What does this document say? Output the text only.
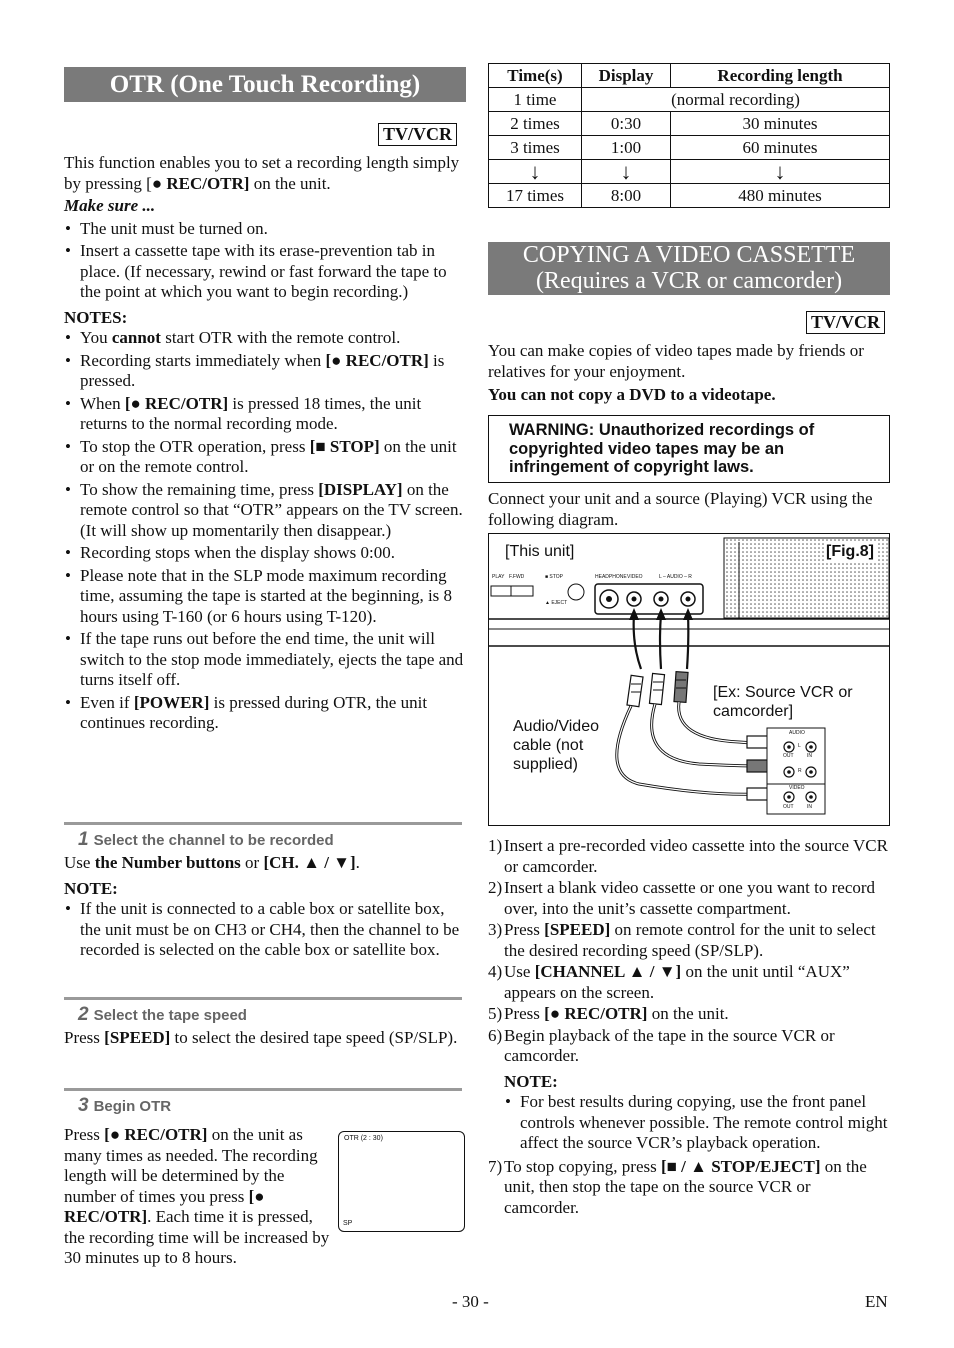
OTR (One Touch Recording)
TV/VCR

This function enables you to set a recording length simply by pressing [● REC/OTR] on the unit.

Make sure ...

• The unit must be turned on.
• Insert a cassette tape with its erase-prevention tab in place. (If necessary, rewind or fast forward the tape to the point at which you want to begin recording.)

NOTES:

• You cannot start OTR with the remote control.
• Recording starts immediately when [● REC/OTR] is pressed.
• When [● REC/OTR] is pressed 18 times, the unit returns to the normal recording mode.
• To stop the OTR operation, press [■ STOP] on the unit or on the remote control.
• To show the remaining time, press [DISPLAY] on the remote control so that “OTR” appears on the TV screen. (It will show up momentarily then disappear.)
• Recording stops when the display shows 0:00.
• Please note that in the SLP mode maximum recording time, assuming the tape is started at the beginning, is 8 hours using T-160 (or 6 hours using T-120).
• If the tape runs out before the end time, the unit will switch to the stop mode immediately, ejects the tape and turns itself off.
• Even if [POWER] is pressed during OTR, the unit continues recording.
1 Select the channel to be recorded

Use the Number buttons or [CH. ▲ / ▼].

NOTE:

• If the unit is connected to a cable box or satellite box, the unit must be on CH3 or CH4, then the channel to be recorded is selected on the cable box or satellite box.
2 Select the tape speed

Press [SPEED] to select the desired tape speed (SP/SLP).

3 Begin OTR

Press [● REC/OTR] on the unit as many times as needed. The recording length will be determined by the number of times you press [● REC/OTR]. Each time it is pressed, the recording time will be increased by 30 minutes up to 8 hours.

OTR (2 : 30)
SP
Time(s)	Display	Recording length
1 time	(normal recording)	
2 times	0:30	30 minutes
3 times	1:00	60 minutes
↓	↓	↓
17 times	8:00	480 minutes
COPYING A VIDEO CASSETTE
(Requires a VCR or camcorder)
TV/VCR

You can make copies of video tapes made by friends or relatives for your enjoyment.

You can not copy a DVD to a videotape.

WARNING: Unauthorized recordings of copyrighted video tapes may be an infringement of copyright laws.

Connect your unit and a source (Playing) VCR using the following diagram.

[This unit]	[Fig.8]
[Ex: Source VCR or camcorder]
Audio/Video cable (not supplied)
PLAY F.FWD	■ STOP
▲ EJECT
HEADPHONE VIDEO	L – AUDIO – R
AUDIO
L
R
OUT	IN
VIDEO
OUT	IN
1) Insert a pre-recorded video cassette into the source VCR or camcorder.
2) Insert a blank video cassette or one you want to record over, into the unit’s cassette compartment.
3) Press [SPEED] on remote control for the unit to select the desired recording speed (SP/SLP).
4) Use [CHANNEL ▲ / ▼] on the unit until “AUX” appears on the screen.
5) Press [● REC/OTR] on the unit.
6) Begin playback of the tape in the source VCR or camcorder.

NOTE:

• For best results during copying, use the front panel controls whenever possible. The remote control might affect the source VCR’s playback operation.
7) To stop copying, press [■ / ▲ STOP/EJECT] on the unit, then stop the tape on the source VCR or camcorder.
- 30 -	EN
